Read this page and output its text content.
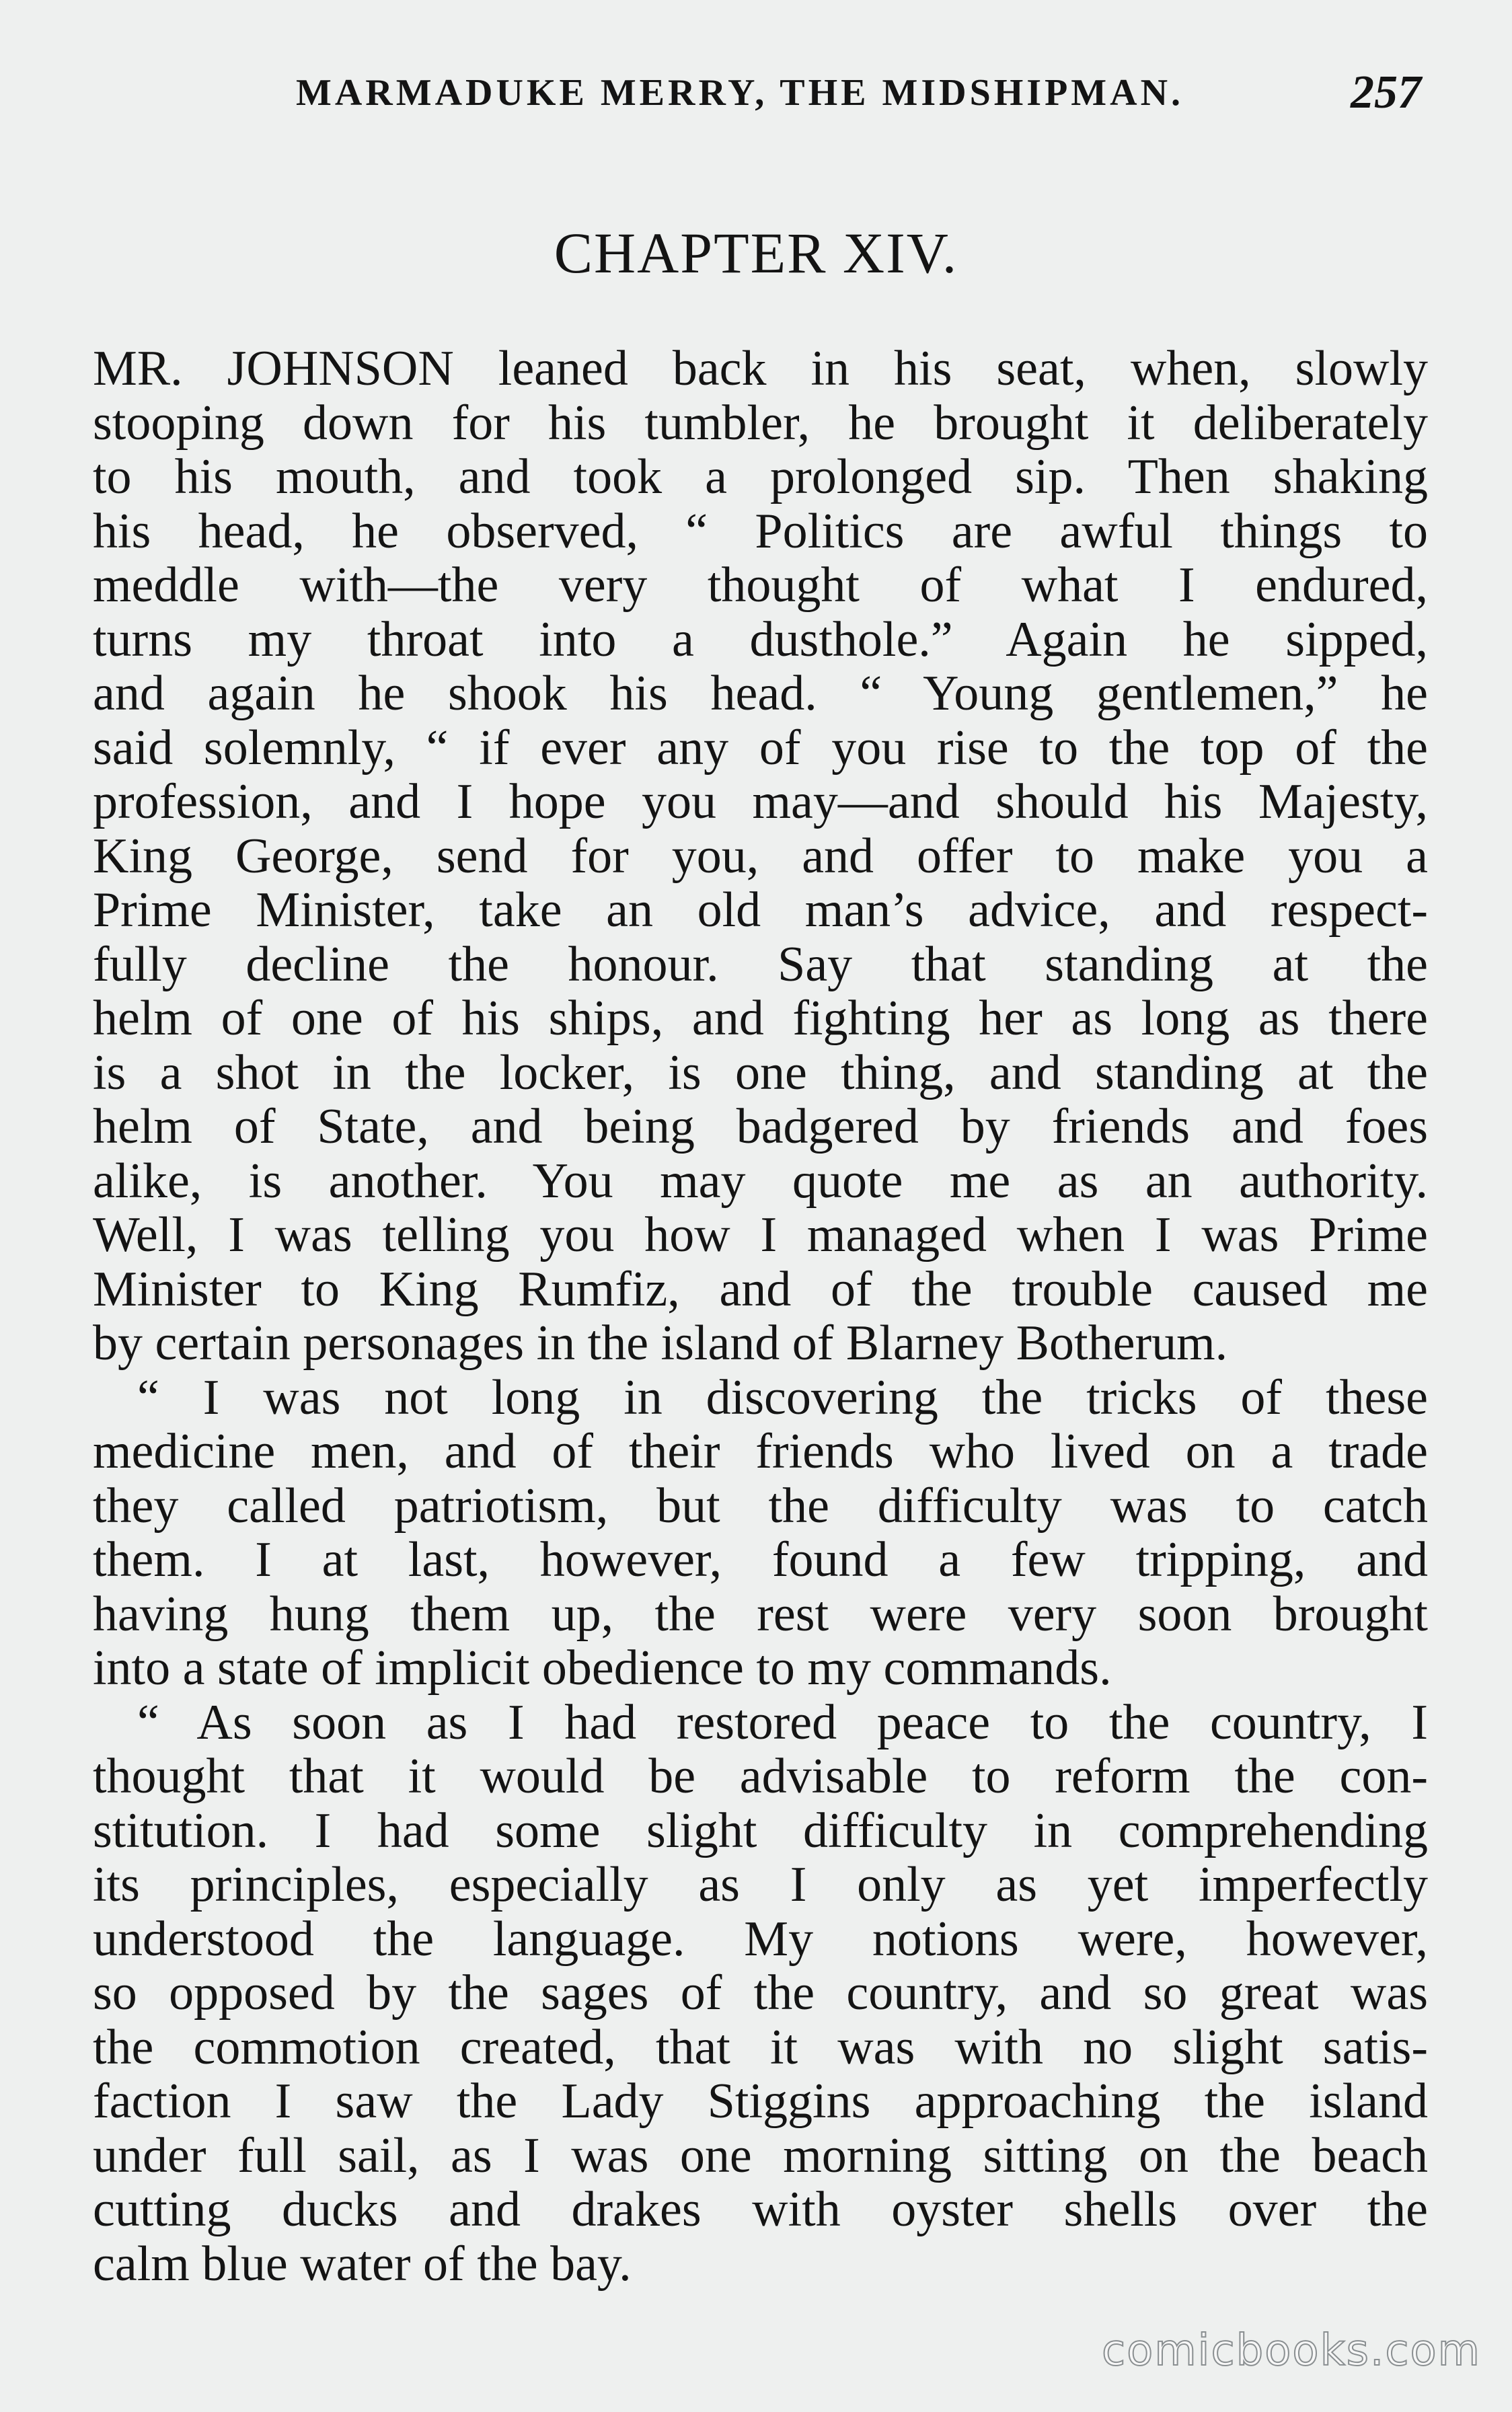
MARMADUKE MERRY, THE MIDSHIPMAN.	257
CHAPTER XIV.
MR. JOHNSON leaned back in his seat, when, slowly
stooping down for his tumbler, he brought it deliberately
to his mouth, and took a prolonged sip. Then shaking
his head, he observed, “ Politics are awful things to
meddle with—the very thought of what I endured,
turns my throat into a dusthole.” Again he sipped,
and again he shook his head. “ Young gentlemen,” he
said solemnly, “ if ever any of you rise to the top of the
profession, and I hope you may—and should his Majesty,
King George, send for you, and offer to make you a
Prime Minister, take an old man’s advice, and respect-
fully decline the honour. Say that standing at the
helm of one of his ships, and fighting her as long as there
is a shot in the locker, is one thing, and standing at the
helm of State, and being badgered by friends and foes
alike, is another. You may quote me as an authority.
Well, I was telling you how I managed when I was Prime
Minister to King Rumfiz, and of the trouble caused me
by certain personages in the island of Blarney Botherum.
“ I was not long in discovering the tricks of these
medicine men, and of their friends who lived on a trade
they called patriotism, but the difficulty was to catch
them. I at last, however, found a few tripping, and
having hung them up, the rest were very soon brought
into a state of implicit obedience to my commands.
“ As soon as I had restored peace to the country, I
thought that it would be advisable to reform the con-
stitution. I had some slight difficulty in comprehending
its principles, especially as I only as yet imperfectly
understood the language. My notions were, however,
so opposed by the sages of the country, and so great was
the commotion created, that it was with no slight satis-
faction I saw the Lady Stiggins approaching the island
under full sail, as I was one morning sitting on the beach
cutting ducks and drakes with oyster shells over the
calm blue water of the bay.
comicbooks.com
